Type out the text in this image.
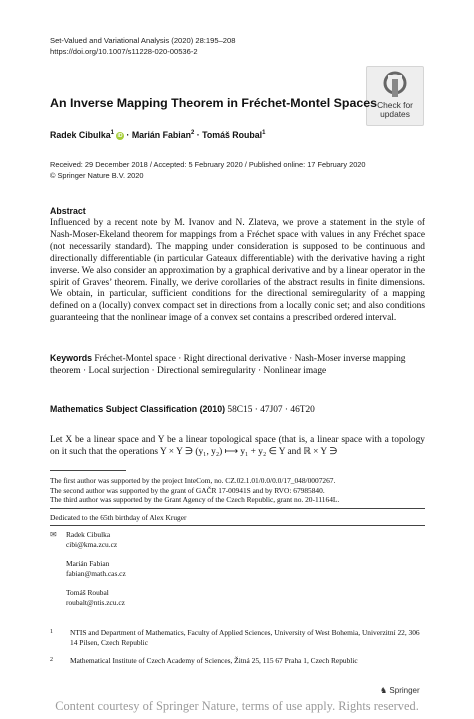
Set-Valued and Variational Analysis (2020) 28:195–208
https://doi.org/10.1007/s11228-020-00536-2
Check for
updates
An Inverse Mapping Theorem in Fréchet-Montel Spaces
Radek Cibulka$^1$ iD · Marián Fabian$^2$ · Tomáš Roubal$^1$
Received: 29 December 2018 / Accepted: 5 February 2020 / Published online: 17 February 2020
© Springer Nature B.V. 2020
Abstract
Influenced by a recent note by M. Ivanov and N. Zlateva, we prove a statement in the style of Nash-Moser-Ekeland theorem for mappings from a Fréchet space with values in any Fréchet space (not necessarily standard). The mapping under consideration is supposed to be continuous and directionally differentiable (in particular Gateaux differentiable) with the derivative having a right inverse. We also consider an approximation by a graphical derivative and by a linear operator in the spirit of Graves’ theorem. Finally, we derive corollaries of the abstract results in finite dimensions. We obtain, in particular, sufficient conditions for the directional semiregularity of a mapping defined on a (locally) convex compact set in directions from a locally conic set; and also conditions guaranteeing that the nonlinear image of a convex set contains a prescribed ordered interval.
Keywords Fréchet-Montel space · Right directional derivative · Nash-Moser inverse mapping theorem · Local surjection · Directional semiregularity · Nonlinear image
Mathematics Subject Classification (2010) 58C15 · 47J07 · 46T20
Let X be a linear space and Y be a linear topological space (that is, a linear space with a topology on it such that the operations Y × Y ∋ (y₁, y₂) ⟼ y₁ + y₂ ∈ Y and ℝ × Y ∋
The first author was supported by the project InteCom, no. CZ.02.1.01/0.0/0.0/17_048/0007267.
The second author was supported by the grant of GAČR 17-00941S and by RVO: 67985840.
The third author was supported by the Grant Agency of the Czech Republic, grant no. 20-11164L.
Dedicated to the 65th birthday of Alex Kruger
✉ Radek Cibulka
cibi@kma.zcu.cz
Marián Fabian
fabian@math.cas.cz
Tomáš Roubal
roubalt@ntis.zcu.cz
1 NTIS and Department of Mathematics, Faculty of Applied Sciences, University of West Bohemia, Univerzitní 22, 306 14 Pilsen, Czech Republic
2 Mathematical Institute of Czech Academy of Sciences, Žitná 25, 115 67 Praha 1, Czech Republic
♞ Springer
Content courtesy of Springer Nature, terms of use apply. Rights reserved.
